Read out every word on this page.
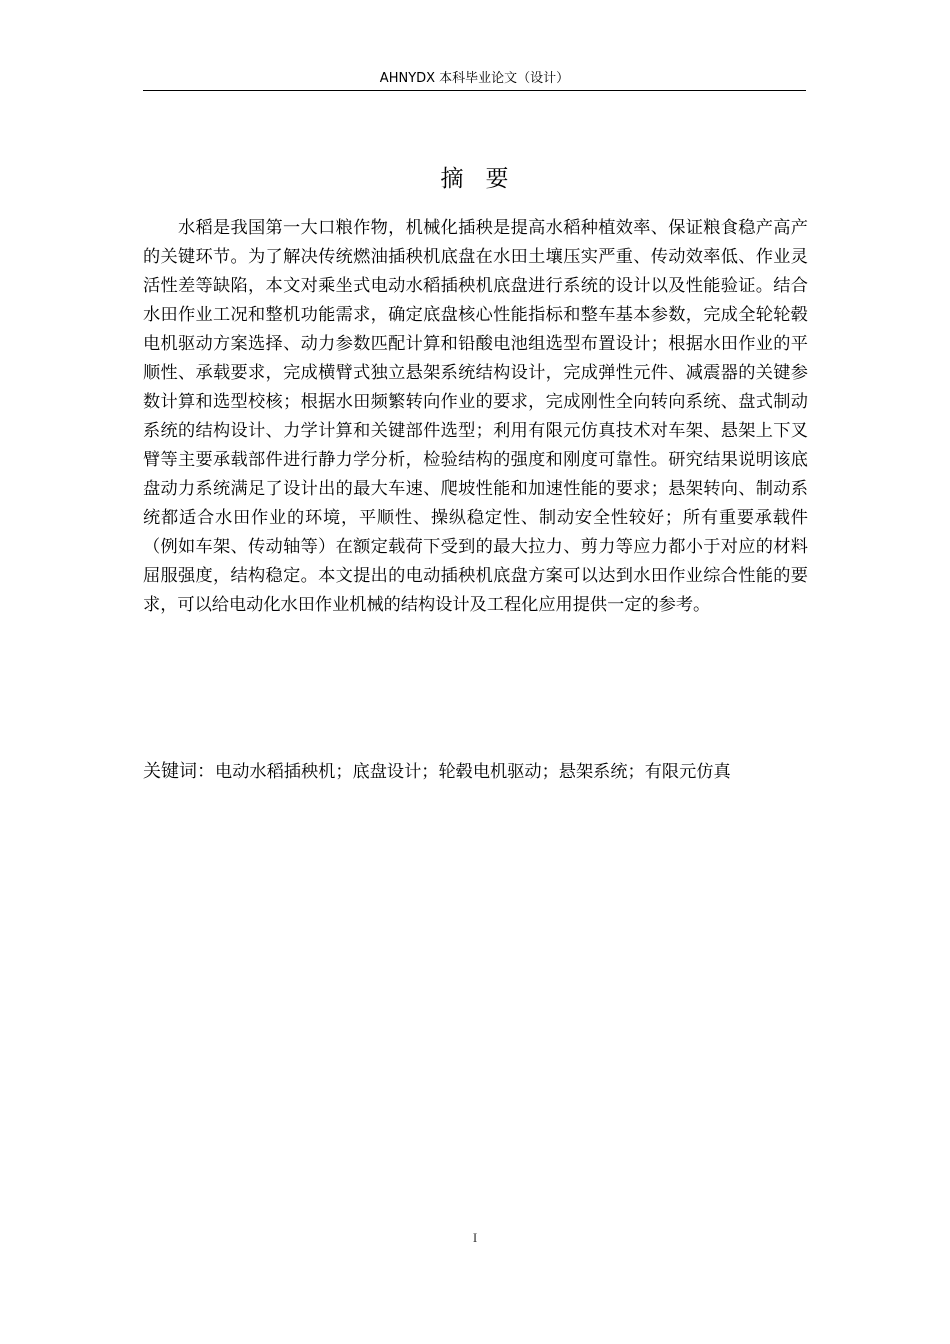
AHNYDX 本科毕业论文（设计）
摘要

水稻是我国第一大口粮作物，机械化插秧是提高水稻种植效率、保证粮食稳产高产的关键环节。为了解决传统燃油插秧机底盘在水田土壤压实严重、传动效率低、作业灵活性差等缺陷，本文对乘坐式电动水稻插秧机底盘进行系统的设计以及性能验证。结合水田作业工况和整机功能需求，确定底盘核心性能指标和整车基本参数，完成全轮轮毂电机驱动方案选择、动力参数匹配计算和铅酸电池组选型布置设计；根据水田作业的平顺性、承载要求，完成横臂式独立悬架系统结构设计，完成弹性元件、减震器的关键参数计算和选型校核；根据水田频繁转向作业的要求，完成刚性全向转向系统、盘式制动系统的结构设计、力学计算和关键部件选型；利用有限元仿真技术对车架、悬架上下叉臂等主要承载部件进行静力学分析，检验结构的强度和刚度可靠性。研究结果说明该底盘动力系统满足了设计出的最大车速、爬坡性能和加速性能的要求；悬架转向、制动系统都适合水田作业的环境，平顺性、操纵稳定性、制动安全性较好；所有重要承载件（例如车架、传动轴等）在额定载荷下受到的最大拉力、剪力等应力都小于对应的材料屈服强度，结构稳定。本文提出的电动插秧机底盘方案可以达到水田作业综合性能的要求，可以给电动化水田作业机械的结构设计及工程化应用提供一定的参考。

关键词：电动水稻插秧机；底盘设计；轮毂电机驱动；悬架系统；有限元仿真

I
